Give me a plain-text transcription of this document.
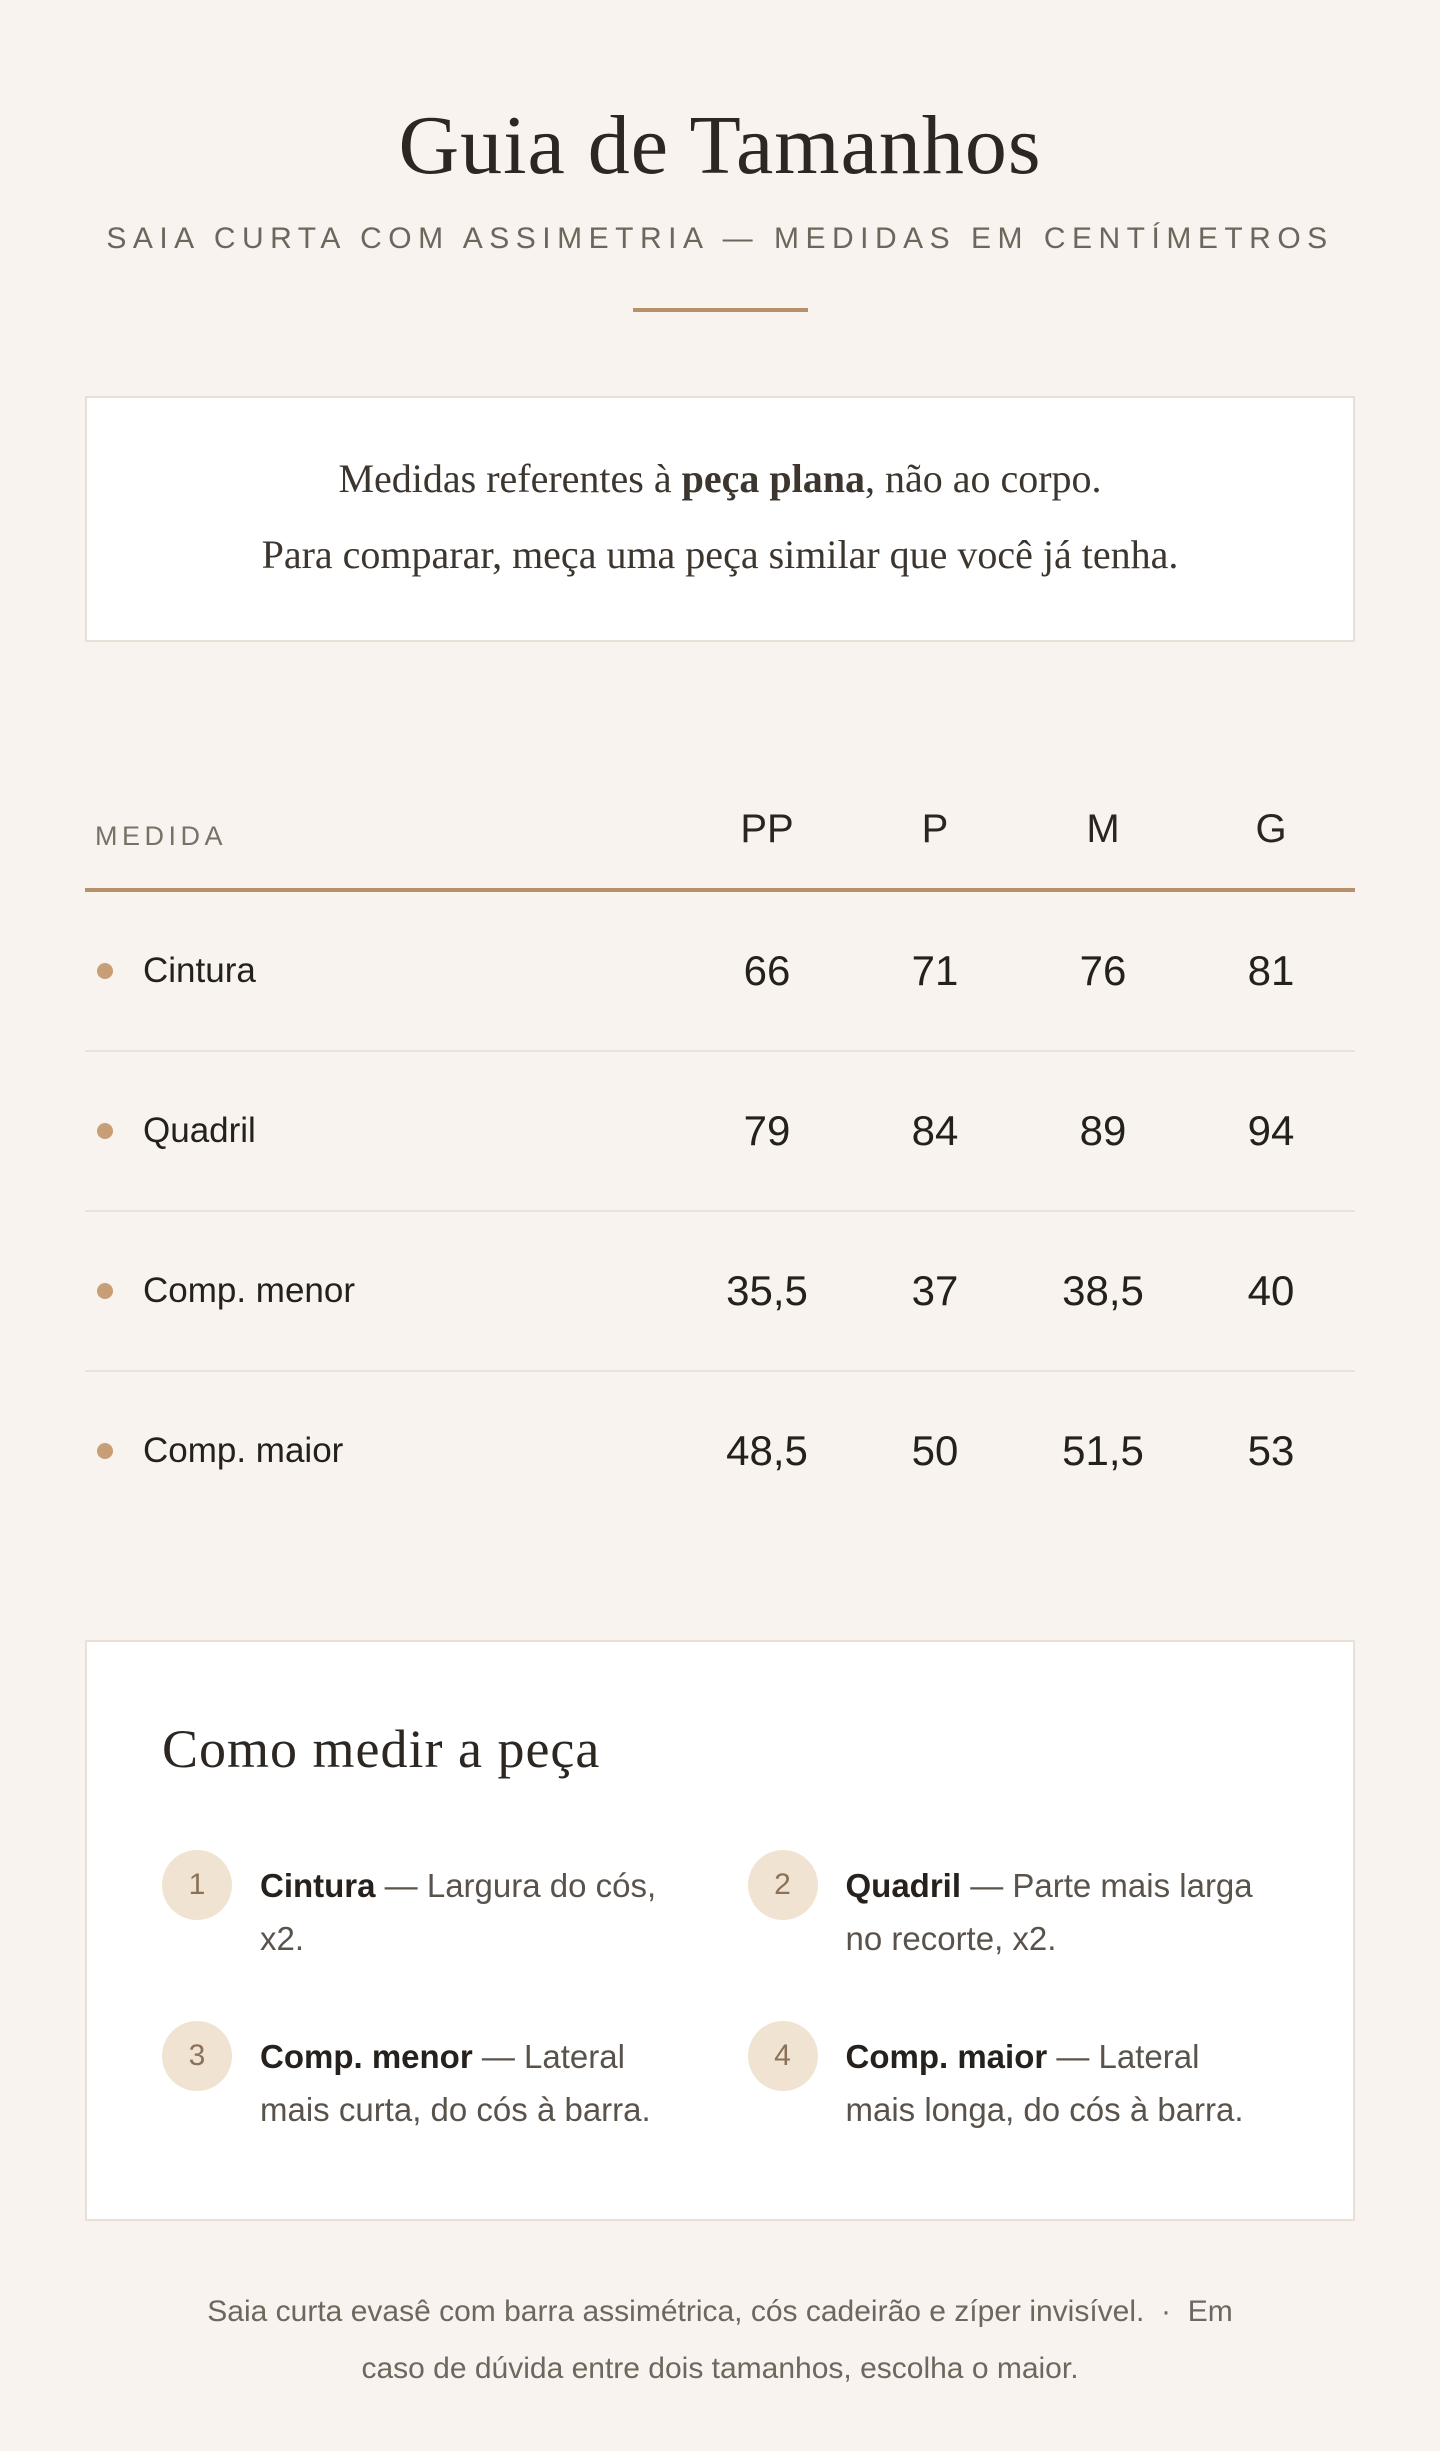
Guia de Tamanhos
SAIA CURTA COM ASSIMETRIA — MEDIDAS EM CENTÍMETROS

Medidas referentes à peça plana, não ao corpo.

Para comparar, meça uma peça similar que você já tenha.

MEDIDA	PP	P	M	G
Cintura	66	71	76	81
Quadril	79	84	89	94
Comp. menor	35,5	37	38,5	40
Comp. maior	48,5	50	51,5	53
Como medir a peça
1	Cintura — Largura do cós, x2.
2	Quadril — Parte mais larga no recorte, x2.
3	Comp. menor — Lateral mais curta, do cós à barra.
4	Comp. maior — Lateral mais longa, do cós à barra.
Saia curta evasê com barra assimétrica, cós cadeirão e zíper invisível.  ·  Em
caso de dúvida entre dois tamanhos, escolha o maior.
